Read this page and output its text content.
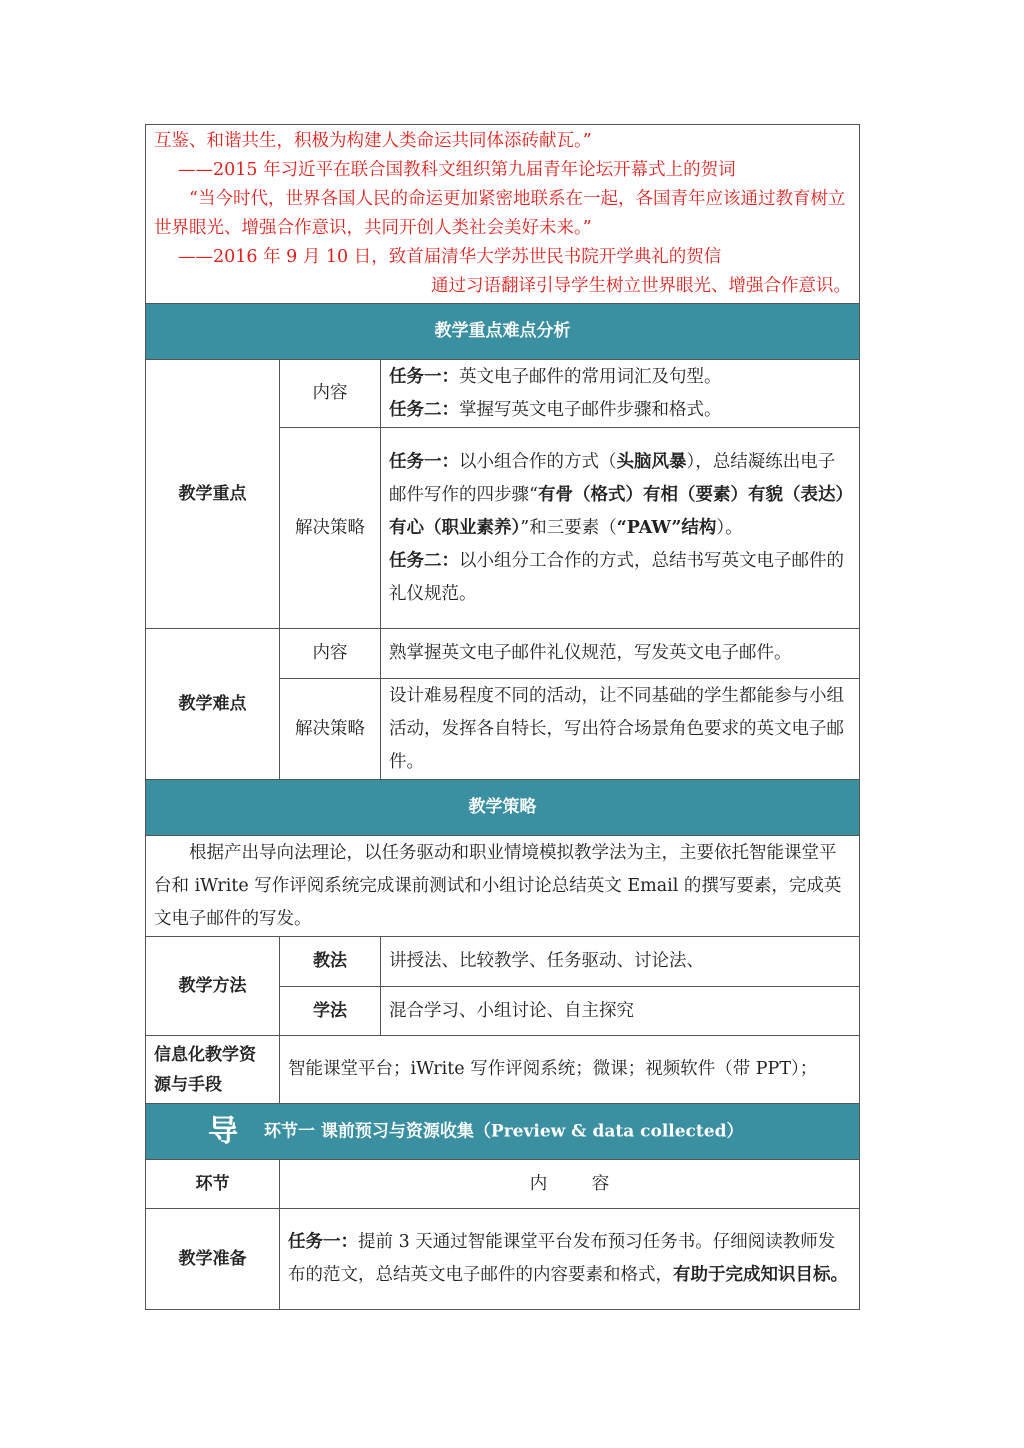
互鉴、和谐共生，积极为构建人类命运共同体添砖献瓦。”
——2015 年习近平在联合国教科文组织第九届青年论坛开幕式上的贺词
“当今时代，世界各国人民的命运更加紧密地联系在一起，各国青年应该通过教育树立世界眼光、增强合作意识，共同开创人类社会美好未来。”
——2016 年 9 月 10 日，致首届清华大学苏世民书院开学典礼的贺信
通过习语翻译引导学生树立世界眼光、增强合作意识。		

教学重点难点分析		
教学重点	内容	任务一：英文电子邮件的常用词汇及句型。
任务二：掌握写英文电子邮件步骤和格式。

	解决策略	任务一：以小组合作的方式（头脑风暴），总结凝练出电子邮件写作的四步骤“有骨（格式）有相（要素）有貌（表达）有心（职业素养）”和三要素（“PAW”结构）。
任务二：以小组分工合作的方式，总结书写英文电子邮件的礼仪规范。

教学难点	内容	熟掌握英文电子邮件礼仪规范，写发英文电子邮件。
	解决策略	设计难易程度不同的活动，让不同基础的学生都能参与小组活动，发挥各自特长，写出符合场景角色要求的英文电子邮件。
教学策略		
根据产出导向法理论，以任务驱动和职业情境模拟教学法为主，主要依托智能课堂平台和 iWrite 写作评阅系统完成课前测试和小组讨论总结英文 Email 的撰写要素，完成英文电子邮件的写发。		
教学方法	教法	讲授法、比较教学、任务驱动、讨论法、
	学法	混合学习、小组讨论、自主探究
信息化教学资源与手段	智能课堂平台；iWrite 写作评阅系统；微课；视频软件（带 PPT）；	
导 环节一 课前预习与资源收集（Preview & data collected）		
环节	内        容	
教学准备	任务一：提前 3 天通过智能课堂平台发布预习任务书。仔细阅读教师发布的范文，总结英文电子邮件的内容要素和格式，有助于完成知识目标。	
